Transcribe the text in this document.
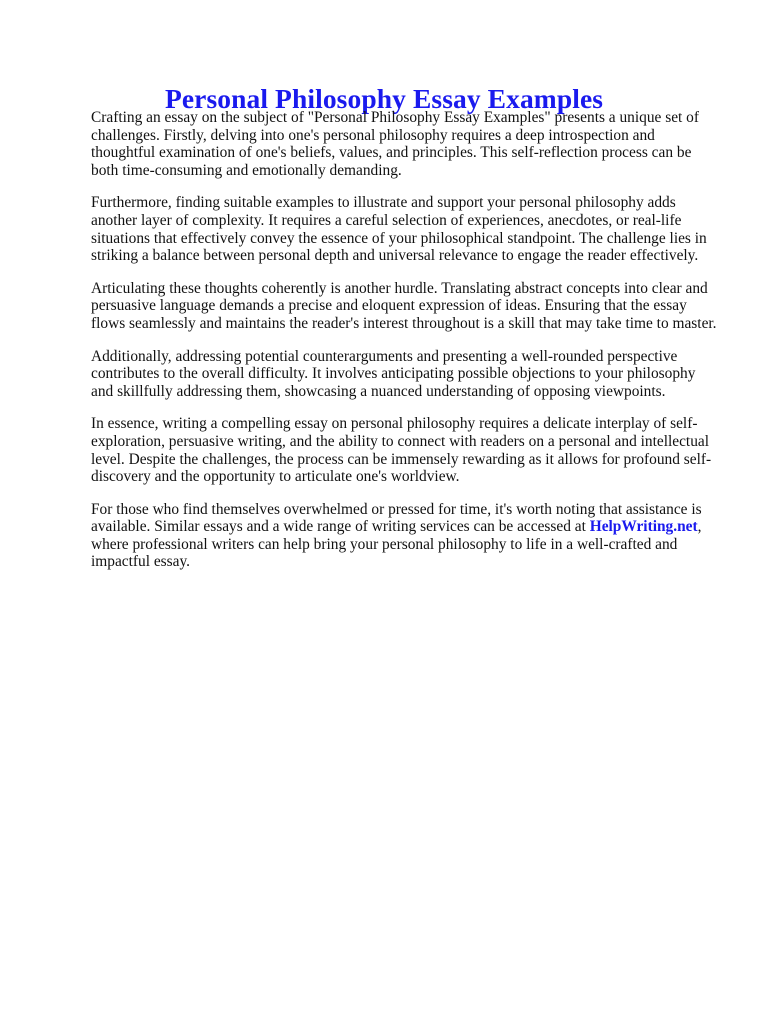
Personal Philosophy Essay Examples

Crafting an essay on the subject of "Personal Philosophy Essay Examples" presents a unique set of
challenges. Firstly, delving into one's personal philosophy requires a deep introspection and
thoughtful examination of one's beliefs, values, and principles. This self-reflection process can be
both time-consuming and emotionally demanding.

Furthermore, finding suitable examples to illustrate and support your personal philosophy adds
another layer of complexity. It requires a careful selection of experiences, anecdotes, or real-life
situations that effectively convey the essence of your philosophical standpoint. The challenge lies in
striking a balance between personal depth and universal relevance to engage the reader effectively.

Articulating these thoughts coherently is another hurdle. Translating abstract concepts into clear and
persuasive language demands a precise and eloquent expression of ideas. Ensuring that the essay
flows seamlessly and maintains the reader's interest throughout is a skill that may take time to master.

Additionally, addressing potential counterarguments and presenting a well-rounded perspective
contributes to the overall difficulty. It involves anticipating possible objections to your philosophy
and skillfully addressing them, showcasing a nuanced understanding of opposing viewpoints.

In essence, writing a compelling essay on personal philosophy requires a delicate interplay of self-
exploration, persuasive writing, and the ability to connect with readers on a personal and intellectual
level. Despite the challenges, the process can be immensely rewarding as it allows for profound self-
discovery and the opportunity to articulate one's worldview.

For those who find themselves overwhelmed or pressed for time, it's worth noting that assistance is
available. Similar essays and a wide range of writing services can be accessed at HelpWriting.net,
where professional writers can help bring your personal philosophy to life in a well-crafted and
impactful essay.
